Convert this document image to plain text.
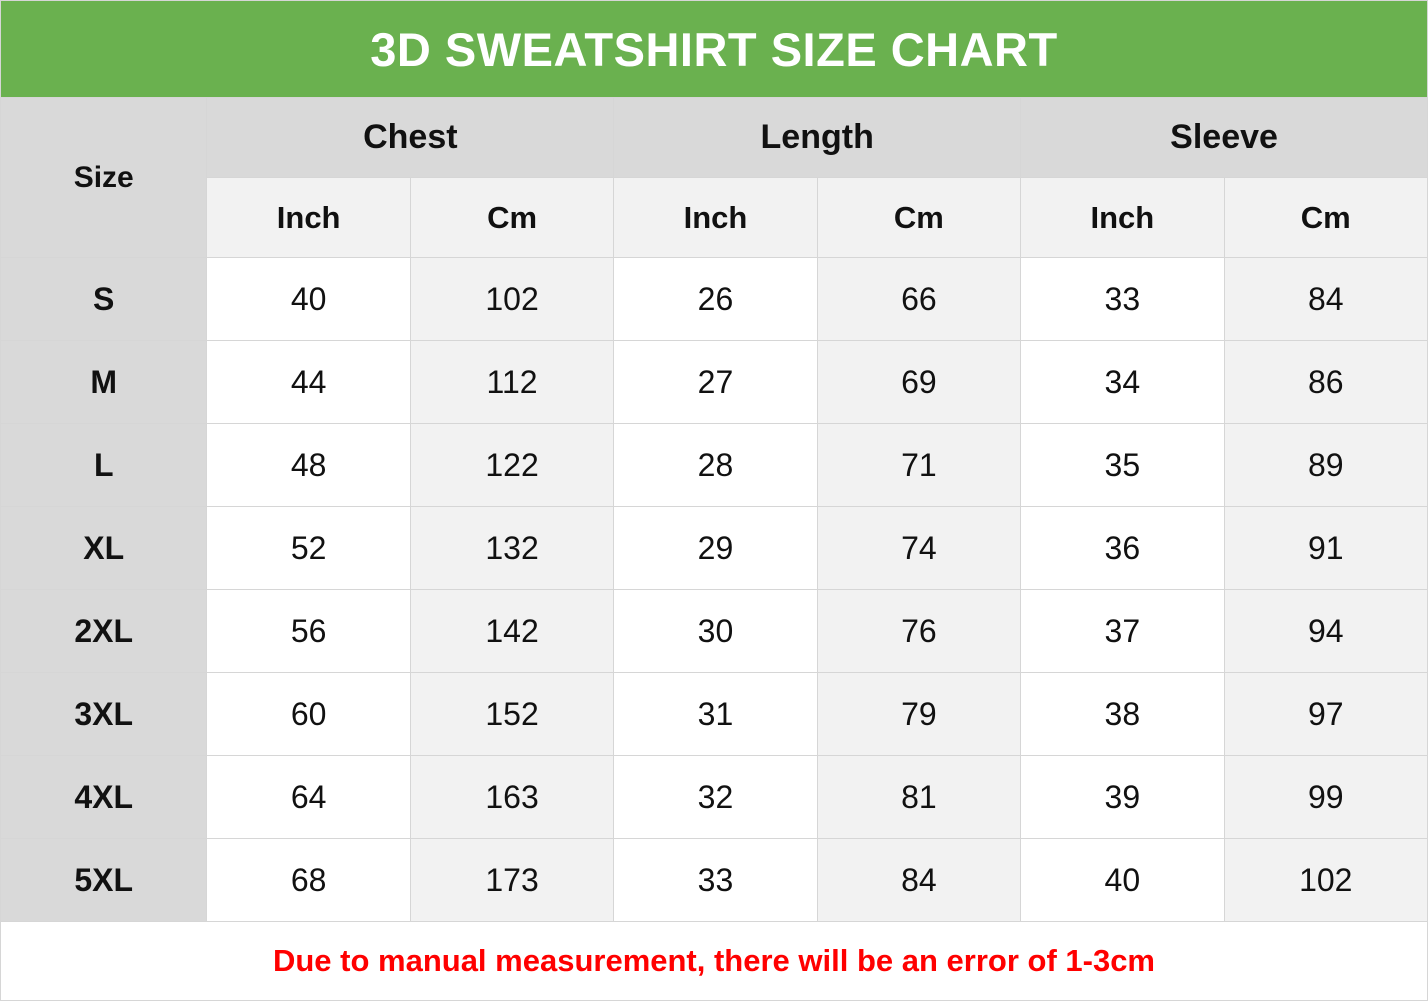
3D SWEATSHIRT SIZE CHART						
Size	Chest		Length		Sleeve	
	Inch	Cm	Inch	Cm	Inch	Cm
S	40	102	26	66	33	84
M	44	112	27	69	34	86
L	48	122	28	71	35	89
XL	52	132	29	74	36	91
2XL	56	142	30	76	37	94
3XL	60	152	31	79	38	97
4XL	64	163	32	81	39	99
5XL	68	173	33	84	40	102
Due to manual measurement, there will be an error of 1-3cm						
